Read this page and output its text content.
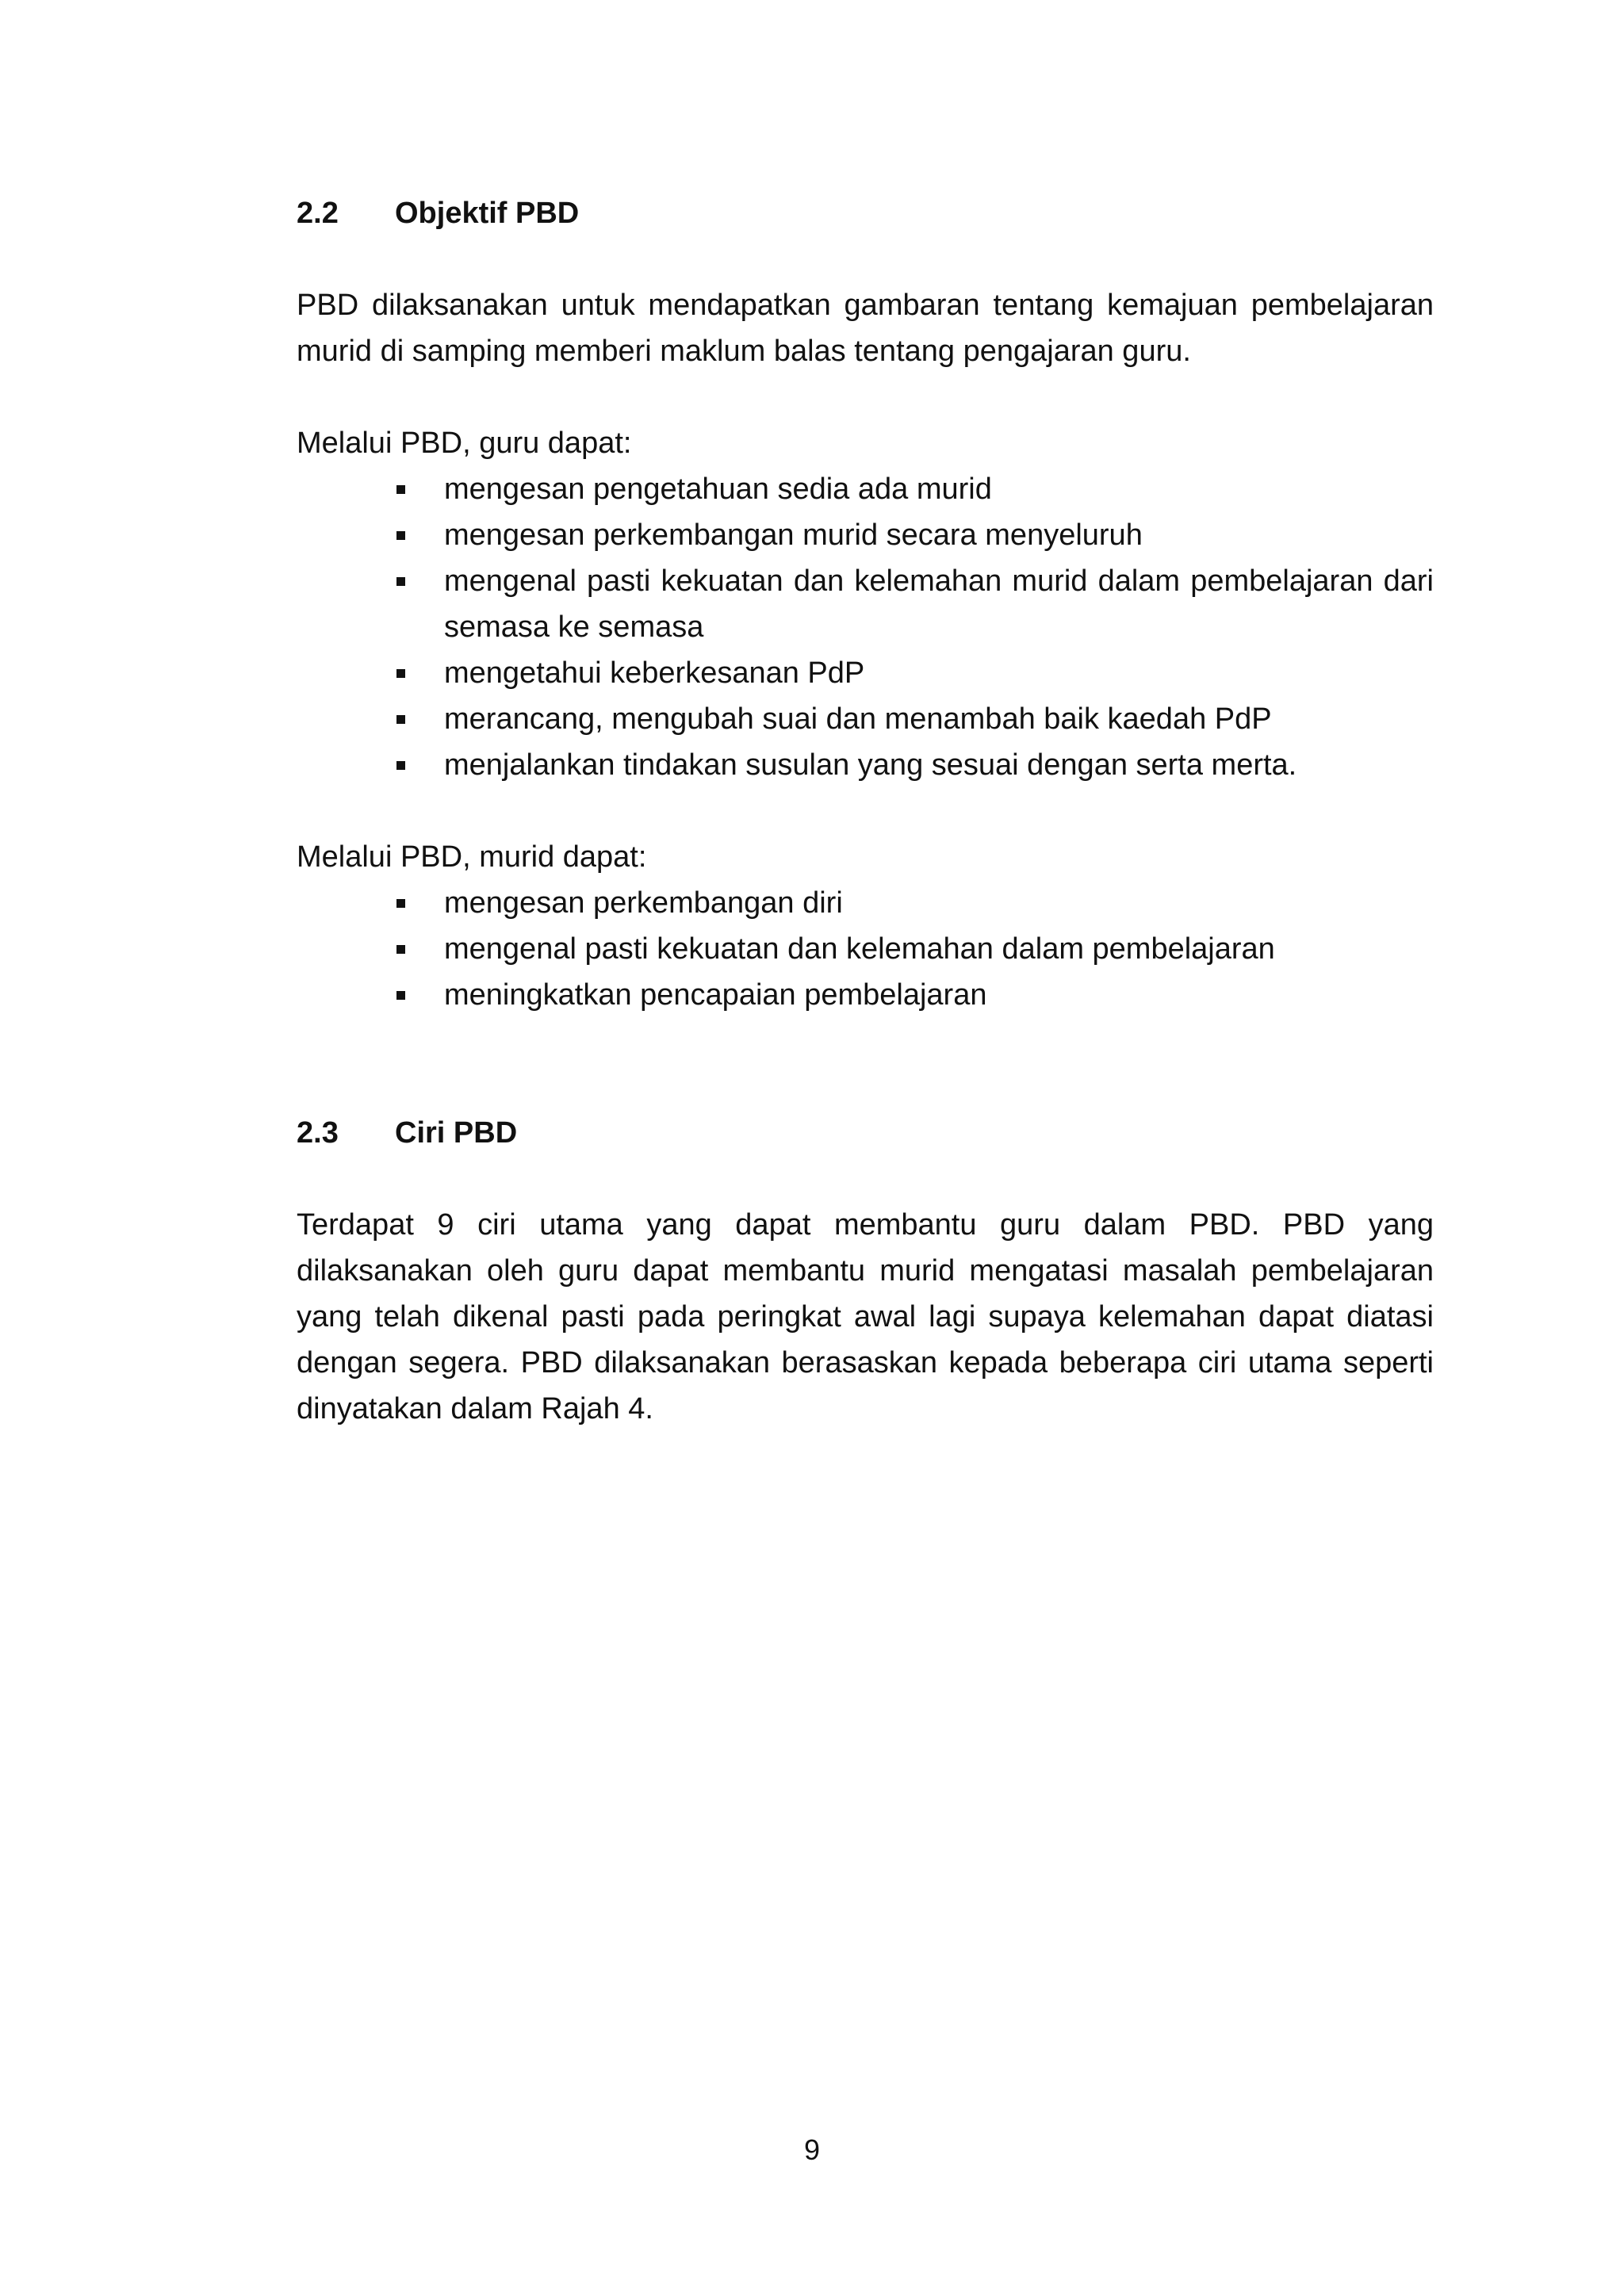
2.2	Objektif PBD

PBD dilaksanakan untuk mendapatkan gambaran tentang kemajuan pembelajaran murid di samping memberi maklum balas tentang pengajaran guru.

Melalui PBD, guru dapat:

mengesan pengetahuan sedia ada murid
mengesan perkembangan murid secara menyeluruh
mengenal pasti kekuatan dan kelemahan murid dalam pembelajaran dari semasa ke semasa
mengetahui keberkesanan PdP
merancang, mengubah suai dan menambah baik kaedah PdP
menjalankan tindakan susulan yang sesuai dengan serta merta.

Melalui PBD, murid dapat:

mengesan perkembangan diri
mengenal pasti kekuatan dan kelemahan dalam pembelajaran
meningkatkan pencapaian pembelajaran
2.3	Ciri PBD

Terdapat 9 ciri utama yang dapat membantu guru dalam PBD. PBD yang dilaksanakan oleh guru dapat membantu murid mengatasi masalah pembelajaran yang telah dikenal pasti pada peringkat awal lagi supaya kelemahan dapat diatasi dengan segera. PBD dilaksanakan berasaskan kepada beberapa ciri utama seperti dinyatakan dalam Rajah 4.

9
